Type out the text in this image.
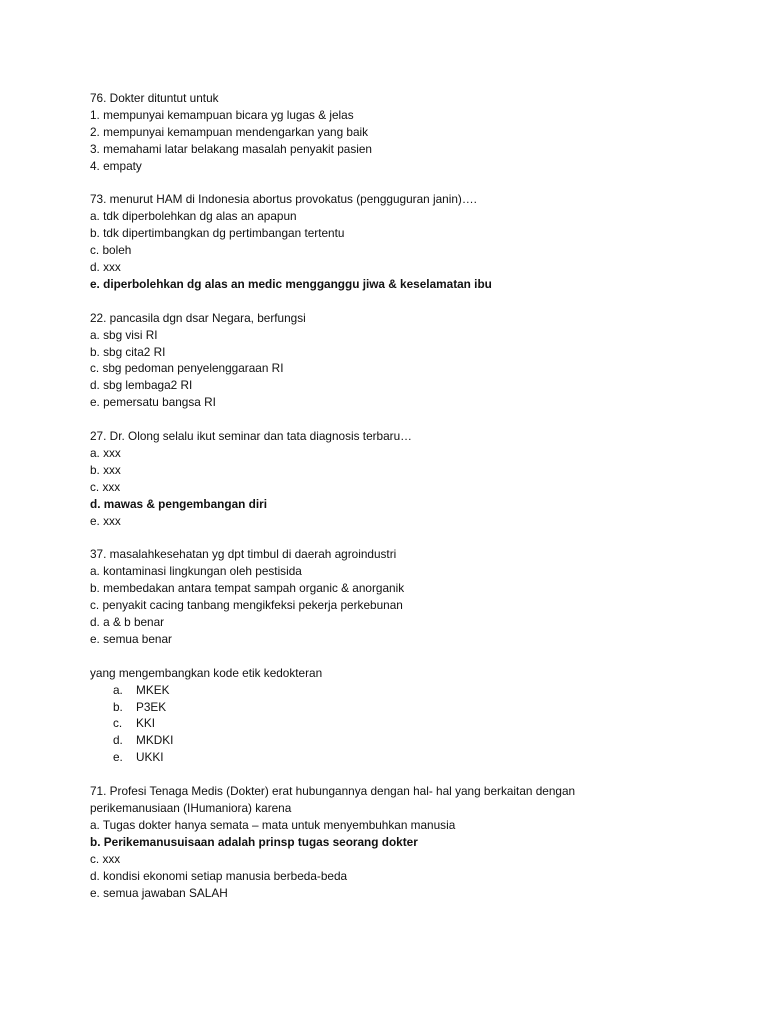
76. Dokter dituntut untuk
1. mempunyai kemampuan bicara yg lugas & jelas
2. mempunyai kemampuan mendengarkan yang baik
3. memahami latar belakang masalah penyakit pasien
4. empaty
73. menurut HAM di Indonesia abortus provokatus (pengguguran janin)….
a. tdk diperbolehkan dg alas an apapun
b. tdk dipertimbangkan dg pertimbangan tertentu
c. boleh
d. xxx
e. diperbolehkan dg alas an medic mengganggu jiwa & keselamatan ibu
22. pancasila dgn dsar Negara, berfungsi
a. sbg visi RI
b. sbg cita2 RI
c. sbg pedoman penyelenggaraan RI
d. sbg lembaga2 RI
e. pemersatu bangsa RI
27. Dr. Olong selalu ikut seminar dan tata diagnosis terbaru…
a. xxx
b. xxx
c. xxx
d. mawas & pengembangan diri
e. xxx
37. masalahkesehatan yg dpt timbul di daerah agroindustri
a. kontaminasi lingkungan oleh pestisida
b. membedakan antara tempat sampah organic & anorganik
c. penyakit cacing tanbang mengikfeksi pekerja perkebunan
d. a & b benar
e. semua benar
yang mengembangkan kode etik kedokteran
a. MKEK
b. P3EK
c. KKI
d. MKDKI
e. UKKI
71. Profesi Tenaga Medis (Dokter) erat hubungannya dengan hal- hal yang berkaitan dengan
perikemanusiaan (IHumaniora) karena
a. Tugas dokter hanya semata – mata untuk menyembuhkan manusia
b. Perikemanusuisaan adalah prinsp tugas seorang dokter
c. xxx
d. kondisi ekonomi setiap manusia berbeda-beda
e. semua jawaban SALAH
